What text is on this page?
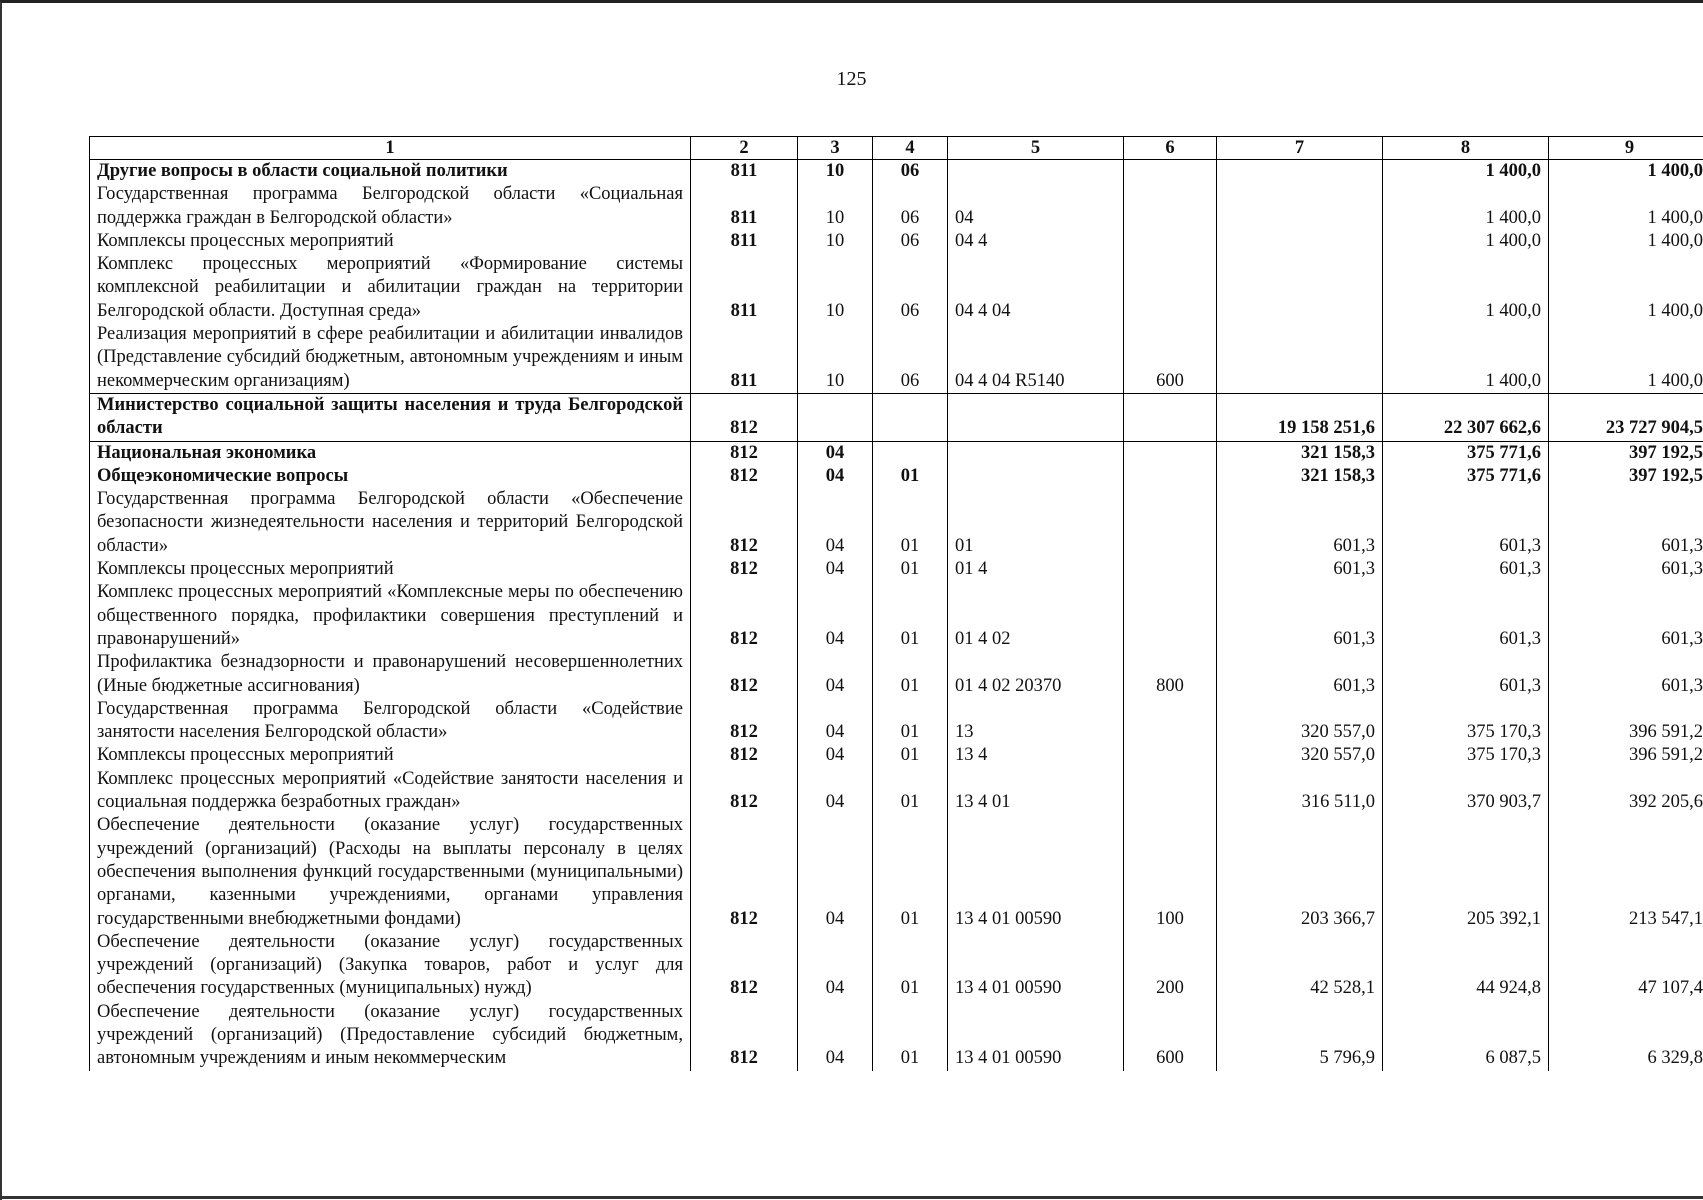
125
1	2	3	4	5	6	7	8	9
Другие вопросы в области социальной политики	811	10	06				1 400,0	1 400,0
Государственная программа Белгородской области «Социальная поддержка граждан в Белгородской области»	811	10	06	04			1 400,0	1 400,0
Комплексы процессных мероприятий	811	10	06	04 4			1 400,0	1 400,0
Комплекс процессных мероприятий «Формирование системы комплексной реабилитации и абилитации граждан на территории Белгородской области. Доступная среда»	811	10	06	04 4 04			1 400,0	1 400,0
Реализация мероприятий в сфере реабилитации и абилитации инвалидов (Представление субсидий бюджетным, автономным учреждениям и иным некоммерческим организациям)	811	10	06	04 4 04 R5140	600		1 400,0	1 400,0
Министерство социальной защиты населения и труда Белгородской области	812					19 158 251,6	22 307 662,6	23 727 904,5
Национальная экономика	812	04				321 158,3	375 771,6	397 192,5
Общеэкономические вопросы	812	04	01			321 158,3	375 771,6	397 192,5
Государственная программа Белгородской области «Обеспечение безопасности жизнедеятельности населения и территорий Белгородской области»	812	04	01	01		601,3	601,3	601,3
Комплексы процессных мероприятий	812	04	01	01 4		601,3	601,3	601,3
Комплекс процессных мероприятий «Комплексные меры по обеспечению общественного порядка, профилактики совершения преступлений и правонарушений»	812	04	01	01 4 02		601,3	601,3	601,3
Профилактика безнадзорности и правонарушений несовершеннолетних (Иные бюджетные ассигнования)	812	04	01	01 4 02 20370	800	601,3	601,3	601,3
Государственная программа Белгородской области «Содействие занятости населения Белгородской области»	812	04	01	13		320 557,0	375 170,3	396 591,2
Комплексы процессных мероприятий	812	04	01	13 4		320 557,0	375 170,3	396 591,2
Комплекс процессных мероприятий «Содействие занятости населения и социальная поддержка безработных граждан»	812	04	01	13 4 01		316 511,0	370 903,7	392 205,6
Обеспечение деятельности (оказание услуг) государственных учреждений (организаций) (Расходы на выплаты персоналу в целях обеспечения выполнения функций государственными (муниципальными) органами, казенными учреждениями, органами управления государственными внебюджетными фондами)	812	04	01	13 4 01 00590	100	203 366,7	205 392,1	213 547,1
Обеспечение деятельности (оказание услуг) государственных учреждений (организаций) (Закупка товаров, работ и услуг для обеспечения государственных (муниципальных) нужд)	812	04	01	13 4 01 00590	200	42 528,1	44 924,8	47 107,4
Обеспечение деятельности (оказание услуг) государственных учреждений (организаций) (Предоставление субсидий бюджетным, автономным учреждениям и иным некоммерческим	812	04	01	13 4 01 00590	600	5 796,9	6 087,5	6 329,8
